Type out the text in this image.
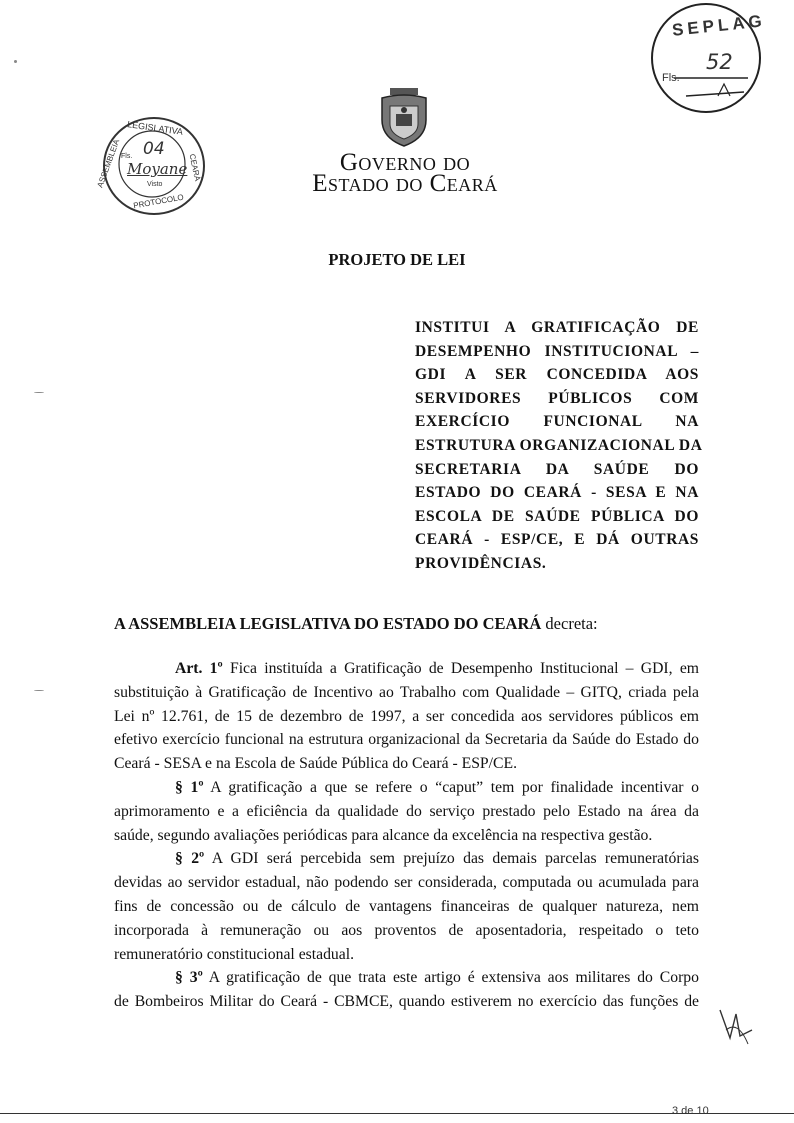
LEGISLATIVA
ASSEMBLEIA	CEARÁ
PROTOCOLO
Fls. 04
Moyane
Visto
Governo do
Estado do Ceará
SEPLAG
Fls.
52
PROJETO DE LEI
INSTITUI A GRATIFICAÇÃO DE
DESEMPENHO INSTITUCIONAL –
GDI A SER CONCEDIDA AOS
SERVIDORES PÚBLICOS COM
EXERCÍCIO FUNCIONAL NA
ESTRUTURA ORGANIZACIONAL DA
SECRETARIA DA SAÚDE DO
ESTADO DO CEARÁ - SESA E NA
ESCOLA DE SAÚDE PÚBLICA DO
CEARÁ - ESP/CE, E DÁ OUTRAS
PROVIDÊNCIAS.
A ASSEMBLEIA LEGISLATIVA DO ESTADO DO CEARÁ decreta:

Art. 1º Fica instituída a Gratificação de Desempenho Institucional – GDI, em
substituição à Gratificação de Incentivo ao Trabalho com Qualidade – GITQ, criada pela
Lei nº 12.761, de 15 de dezembro de 1997, a ser concedida aos servidores públicos em
efetivo exercício funcional na estrutura organizacional da Secretaria da Saúde do Estado do
Ceará - SESA e na Escola de Saúde Pública do Ceará - ESP/CE.

§ 1º A gratificação a que se refere o “caput” tem por finalidade incentivar o
aprimoramento e a eficiência da qualidade do serviço prestado pelo Estado na área da
saúde, segundo avaliações periódicas para alcance da excelência na respectiva gestão.

§ 2º A GDI será percebida sem prejuízo das demais parcelas remuneratórias
devidas ao servidor estadual, não podendo ser considerada, computada ou acumulada para
fins de concessão ou de cálculo de vantagens financeiras de qualquer natureza, nem
incorporada à remuneração ou aos proventos de aposentadoria, respeitado o teto
remuneratório constitucional estadual.

§ 3º A gratificação de que trata este artigo é extensiva aos militares do Corpo
de Bombeiros Militar do Ceará - CBMCE, quando estiverem no exercício das funções de

3 de 10
